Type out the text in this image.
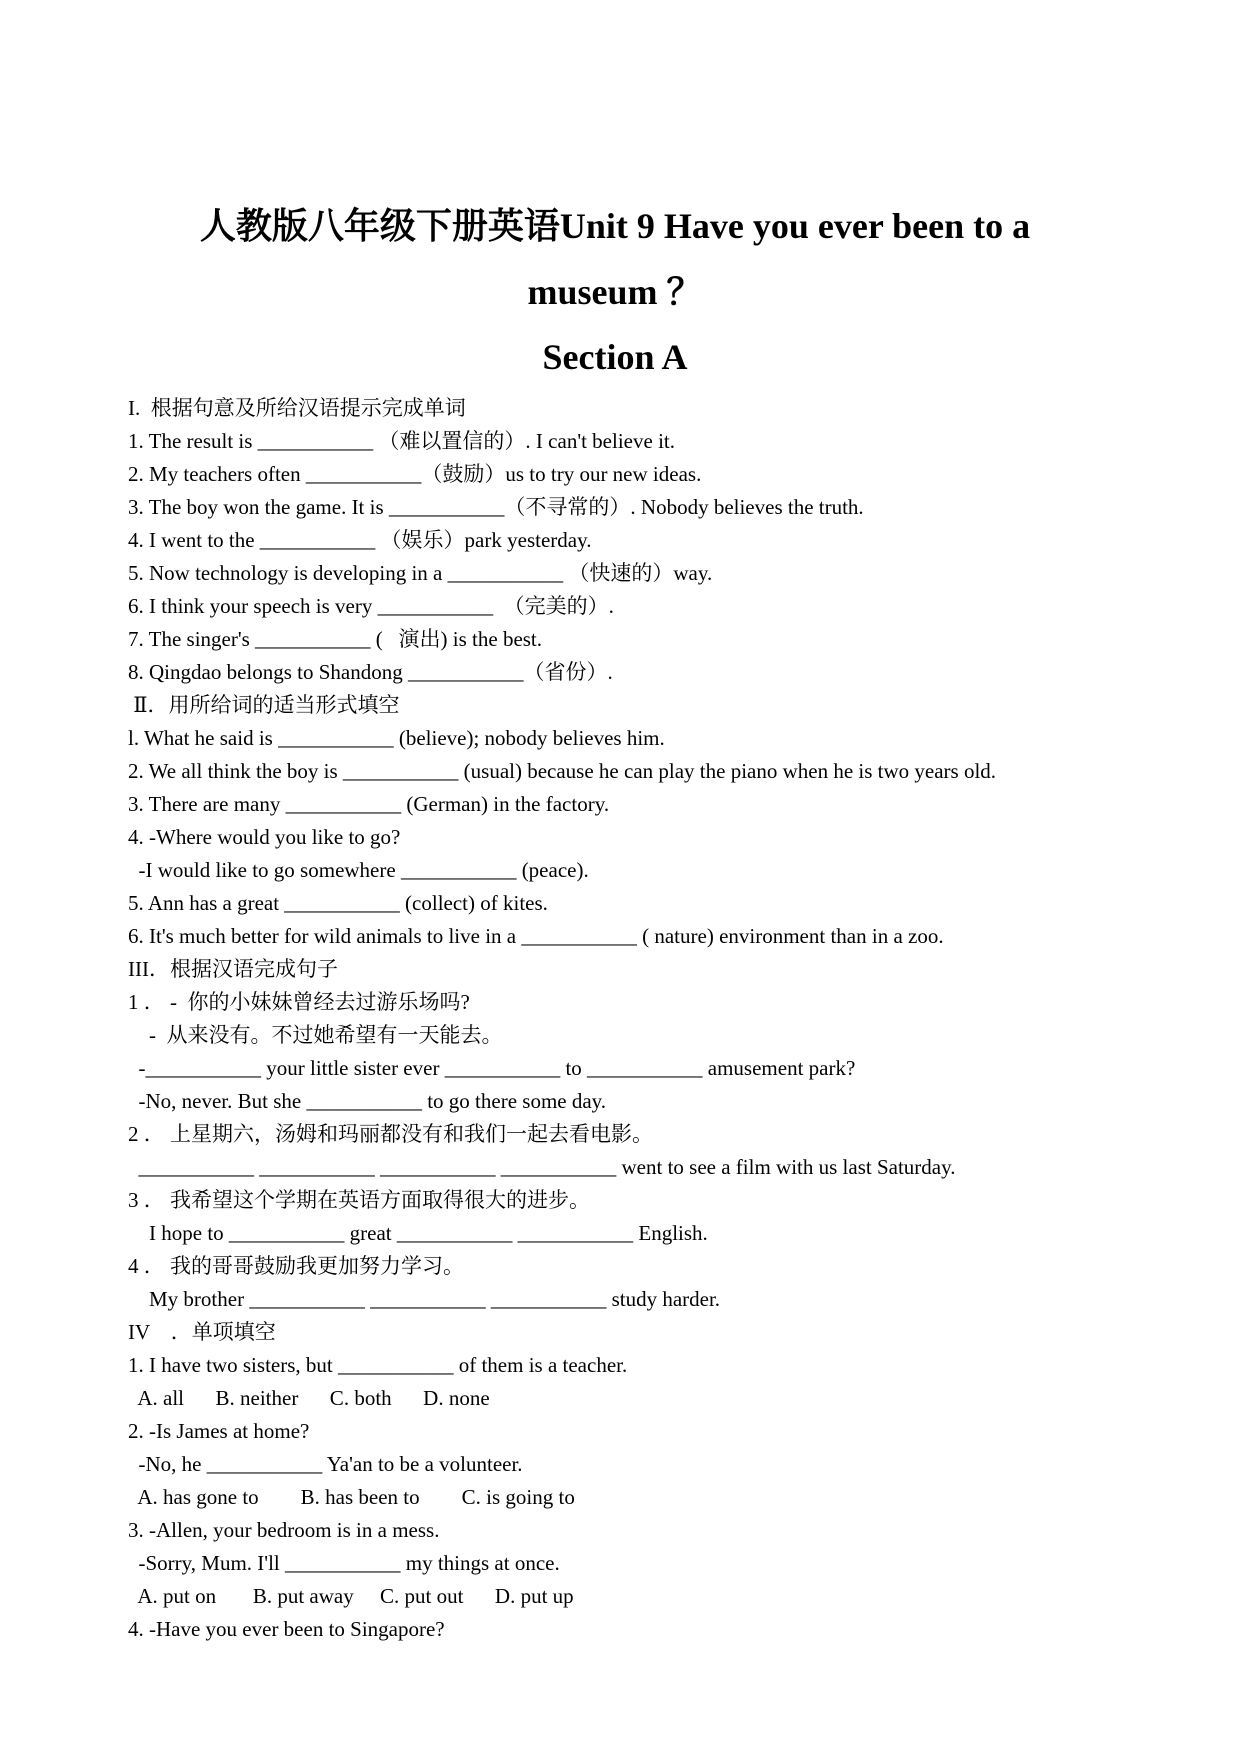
人教版八年级下册英语Unit 9 Have you ever been to a
museum ？
Section A
I.  根据句意及所给汉语提示完成单词
1. The result is ___________ （难以置信的）. I can't believe it.
2. My teachers often ___________（鼓励）us to try our new ideas.
3. The boy won the game. It is ___________（不寻常的）. Nobody believes the truth.
4. I went to the ___________ （娱乐）park yesterday.
5. Now technology is developing in a ___________ （快速的）way.
6. I think your speech is very ___________  （完美的）.
7. The singer's ___________ (   演出) is the best.
8. Qingdao belongs to Shandong ___________（省份）.
Ⅱ．用所给词的适当形式填空
l. What he said is ___________ (believe); nobody believes him.
2. We all think the boy is ___________ (usual) because he can play the piano when he is two years old.
3. There are many ___________ (German) in the factory.
4. -Where would you like to go?
-I would like to go somewhere ___________ (peace).
5. Ann has a great ___________ (collect) of kites.
6. It's much better for wild animals to live in a ___________ ( nature) environment than in a zoo.
III．根据汉语完成句子
1 ． -  你的小妹妹曾经去过游乐场吗?
-  从来没有。不过她希望有一天能去。
-___________ your little sister ever ___________ to ___________ amusement park?
-No, never. But she ___________ to go there some day.
2 ． 上星期六，汤姆和玛丽都没有和我们一起去看电影。
___________ ___________ ___________ ___________ went to see a film with us last Saturday.
3 ． 我希望这个学期在英语方面取得很大的进步。
I hope to ___________ great ___________ ___________ English.
4 ． 我的哥哥鼓励我更加努力学习。
My brother ___________ ___________ ___________ study harder.
IV    ．单项填空
1. I have two sisters, but ___________ of them is a teacher.
A. all      B. neither      C. both      D. none
2. -Is James at home?
-No, he ___________ Ya'an to be a volunteer.
A. has gone to        B. has been to        C. is going to
3. -Allen, your bedroom is in a mess.
-Sorry, Mum. I'll ___________ my things at once.
A. put on       B. put away     C. put out      D. put up
4. -Have you ever been to Singapore?
